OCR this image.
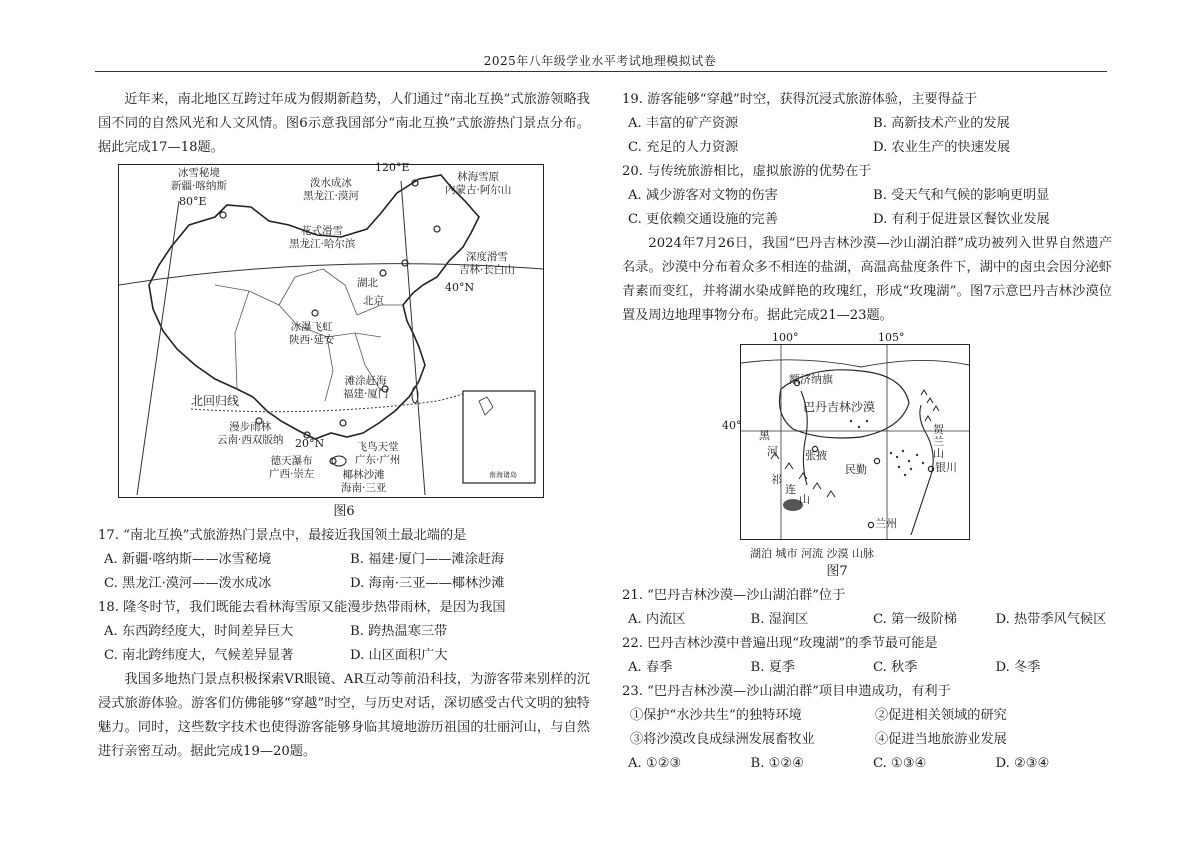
2025年八年级学业水平考试地理模拟试卷

近年来，南北地区互跨过年成为假期新趋势，人们通过“南北互换”式旅游领略我国不同的自然风光和人文风情。图6示意我国部分“南北互换”式旅游热门景点分布。据此完成17—18题。

冰雪秘境
新疆·喀纳斯
80°E
120°E
泼水成冰
黑龙江·漠河
林海雪原
内蒙古·阿尔山
花式滑雪
黑龙江·哈尔滨
深度滑雪
吉林·长白山
湖北	40°N
北京
冰瀑飞虹
陕西·延安
滩涂赶海
福建·厦门
北回归线
漫步雨林
云南·西双版纳 20°N	飞鸟天堂
广东·广州
德天瀑布
广西·崇左	椰林沙滩
海南·三亚
南海诸岛

图6

17. “南北互换”式旅游热门景点中，最接近我国领土最北端的是

A. 新疆·喀纳斯——冰雪秘境	B. 福建·厦门——滩涂赶海
C. 黑龙江·漠河——泼水成冰	D. 海南·三亚——椰林沙滩

18. 隆冬时节，我们既能去看林海雪原又能漫步热带雨林，是因为我国

A. 东西跨经度大，时间差异巨大	B. 跨热温寒三带
C. 南北跨纬度大，气候差异显著	D. 山区面积广大

我国多地热门景点积极探索VR眼镜、AR互动等前沿科技，为游客带来别样的沉浸式旅游体验。游客们仿佛能够“穿越”时空，与历史对话，深切感受古代文明的独特魅力。同时，这些数字技术也使得游客能够身临其境地游历祖国的壮丽河山，与自然进行亲密互动。据此完成19—20题。

19. 游客能够“穿越”时空，获得沉浸式旅游体验，主要得益于

A. 丰富的矿产资源	B. 高新技术产业的发展
C. 充足的人力资源	D. 农业生产的快速发展

20. 与传统旅游相比，虚拟旅游的优势在于

A. 减少游客对文物的伤害	B. 受天气和气候的影响更明显
C. 更依赖交通设施的完善	D. 有利于促进景区餐饮业发展

2024年7月26日，我国“巴丹吉林沙漠—沙山湖泊群”成功被列入世界自然遗产名录。沙漠中分布着众多不相连的盐湖，高温高盐度条件下，湖中的卤虫会因分泌虾青素而变红，并将湖水染成鲜艳的玫瑰红，形成“玫瑰湖”。图7示意巴丹吉林沙漠位置及周边地理事物分布。据此完成21—23题。

100°	105°
额济纳旗
巴丹吉林沙漠
黑
河 张掖
祁
连
山
民勤	银川
兰州
贺
兰
山
40°
湖泊 城市 河流 沙漠 山脉

图7

21. “巴丹吉林沙漠—沙山湖泊群”位于

A. 内流区	B. 湿润区	C. 第一级阶梯	D. 热带季风气候区

22. 巴丹吉林沙漠中普遍出现“玫瑰湖”的季节最可能是

A. 春季	B. 夏季	C. 秋季	D. 冬季

23. “巴丹吉林沙漠—沙山湖泊群”项目申遗成功，有利于

①保护“水沙共生”的独特环境	②促进相关领域的研究
③将沙漠改良成绿洲发展畜牧业	④促进当地旅游业发展
A. ①②③	B. ①②④	C. ①③④	D. ②③④
